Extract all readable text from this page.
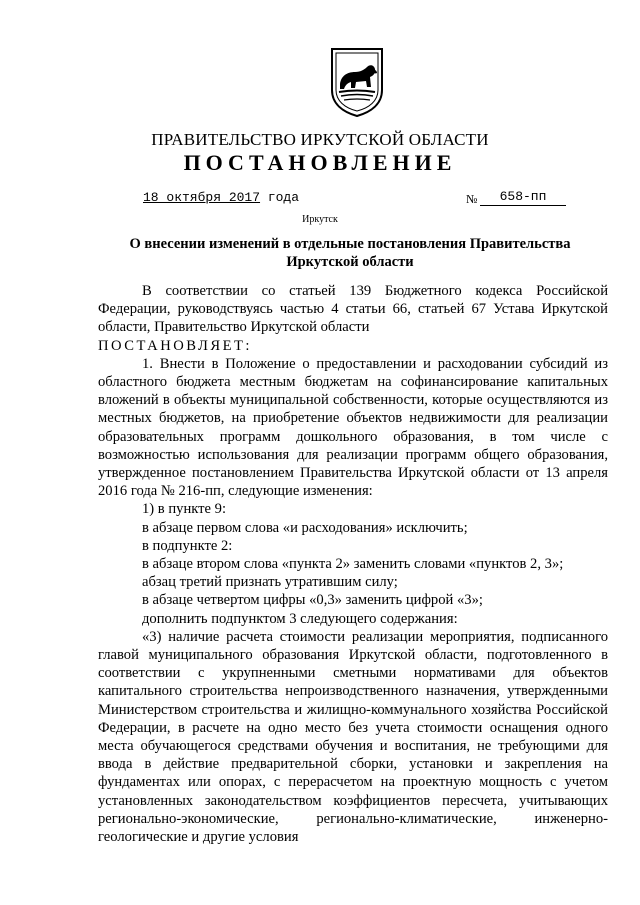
ПРАВИТЕЛЬСТВО ИРКУТСКОЙ ОБЛАСТИ
ПОСТАНОВЛЕНИЕ
18 октября 2017 года	№	658-пп
Иркутск
О внесении изменений в отдельные постановления Правительства Иркутской области

В соответствии со статьей 139 Бюджетного кодекса Российской Федерации, руководствуясь частью 4 статьи 66, статьей 67 Устава Иркутской области, Правительство Иркутской области

ПОСТАНОВЛЯЕТ:

1. Внести в Положение о предоставлении и расходовании субсидий из областного бюджета местным бюджетам на софинансирование капитальных вложений в объекты муниципальной собственности, которые осуществляются из местных бюджетов, на приобретение объектов недвижимости для реализации образовательных программ дошкольного образования, в том числе с возможностью использования для реализации программ общего образования, утвержденное постановлением Правительства Иркутской области от 13 апреля 2016 года № 216-пп, следующие изменения:

1) в пункте 9:

в абзаце первом слова «и расходования» исключить;

в подпункте 2:

в абзаце втором слова «пункта 2» заменить словами «пунктов 2, 3»;

абзац третий признать утратившим силу;

в абзаце четвертом цифры «0,3» заменить цифрой «3»;

дополнить подпунктом 3 следующего содержания:

«3) наличие расчета стоимости реализации мероприятия, подписанного главой муниципального образования Иркутской области, подготовленного в соответствии с укрупненными сметными нормативами для объектов капитального строительства непроизводственного назначения, утвержденными Министерством строительства и жилищно-коммунального хозяйства Российской Федерации, в расчете на одно место без учета стоимости оснащения одного места обучающегося средствами обучения и воспитания, не требующими для ввода в действие предварительной сборки, установки и закрепления на фундаментах или опорах, с перерасчетом на проектную мощность с учетом установленных законодательством коэффициентов пересчета, учитывающих регионально-экономические, регионально-климатические, инженерно-геологические и другие условия
